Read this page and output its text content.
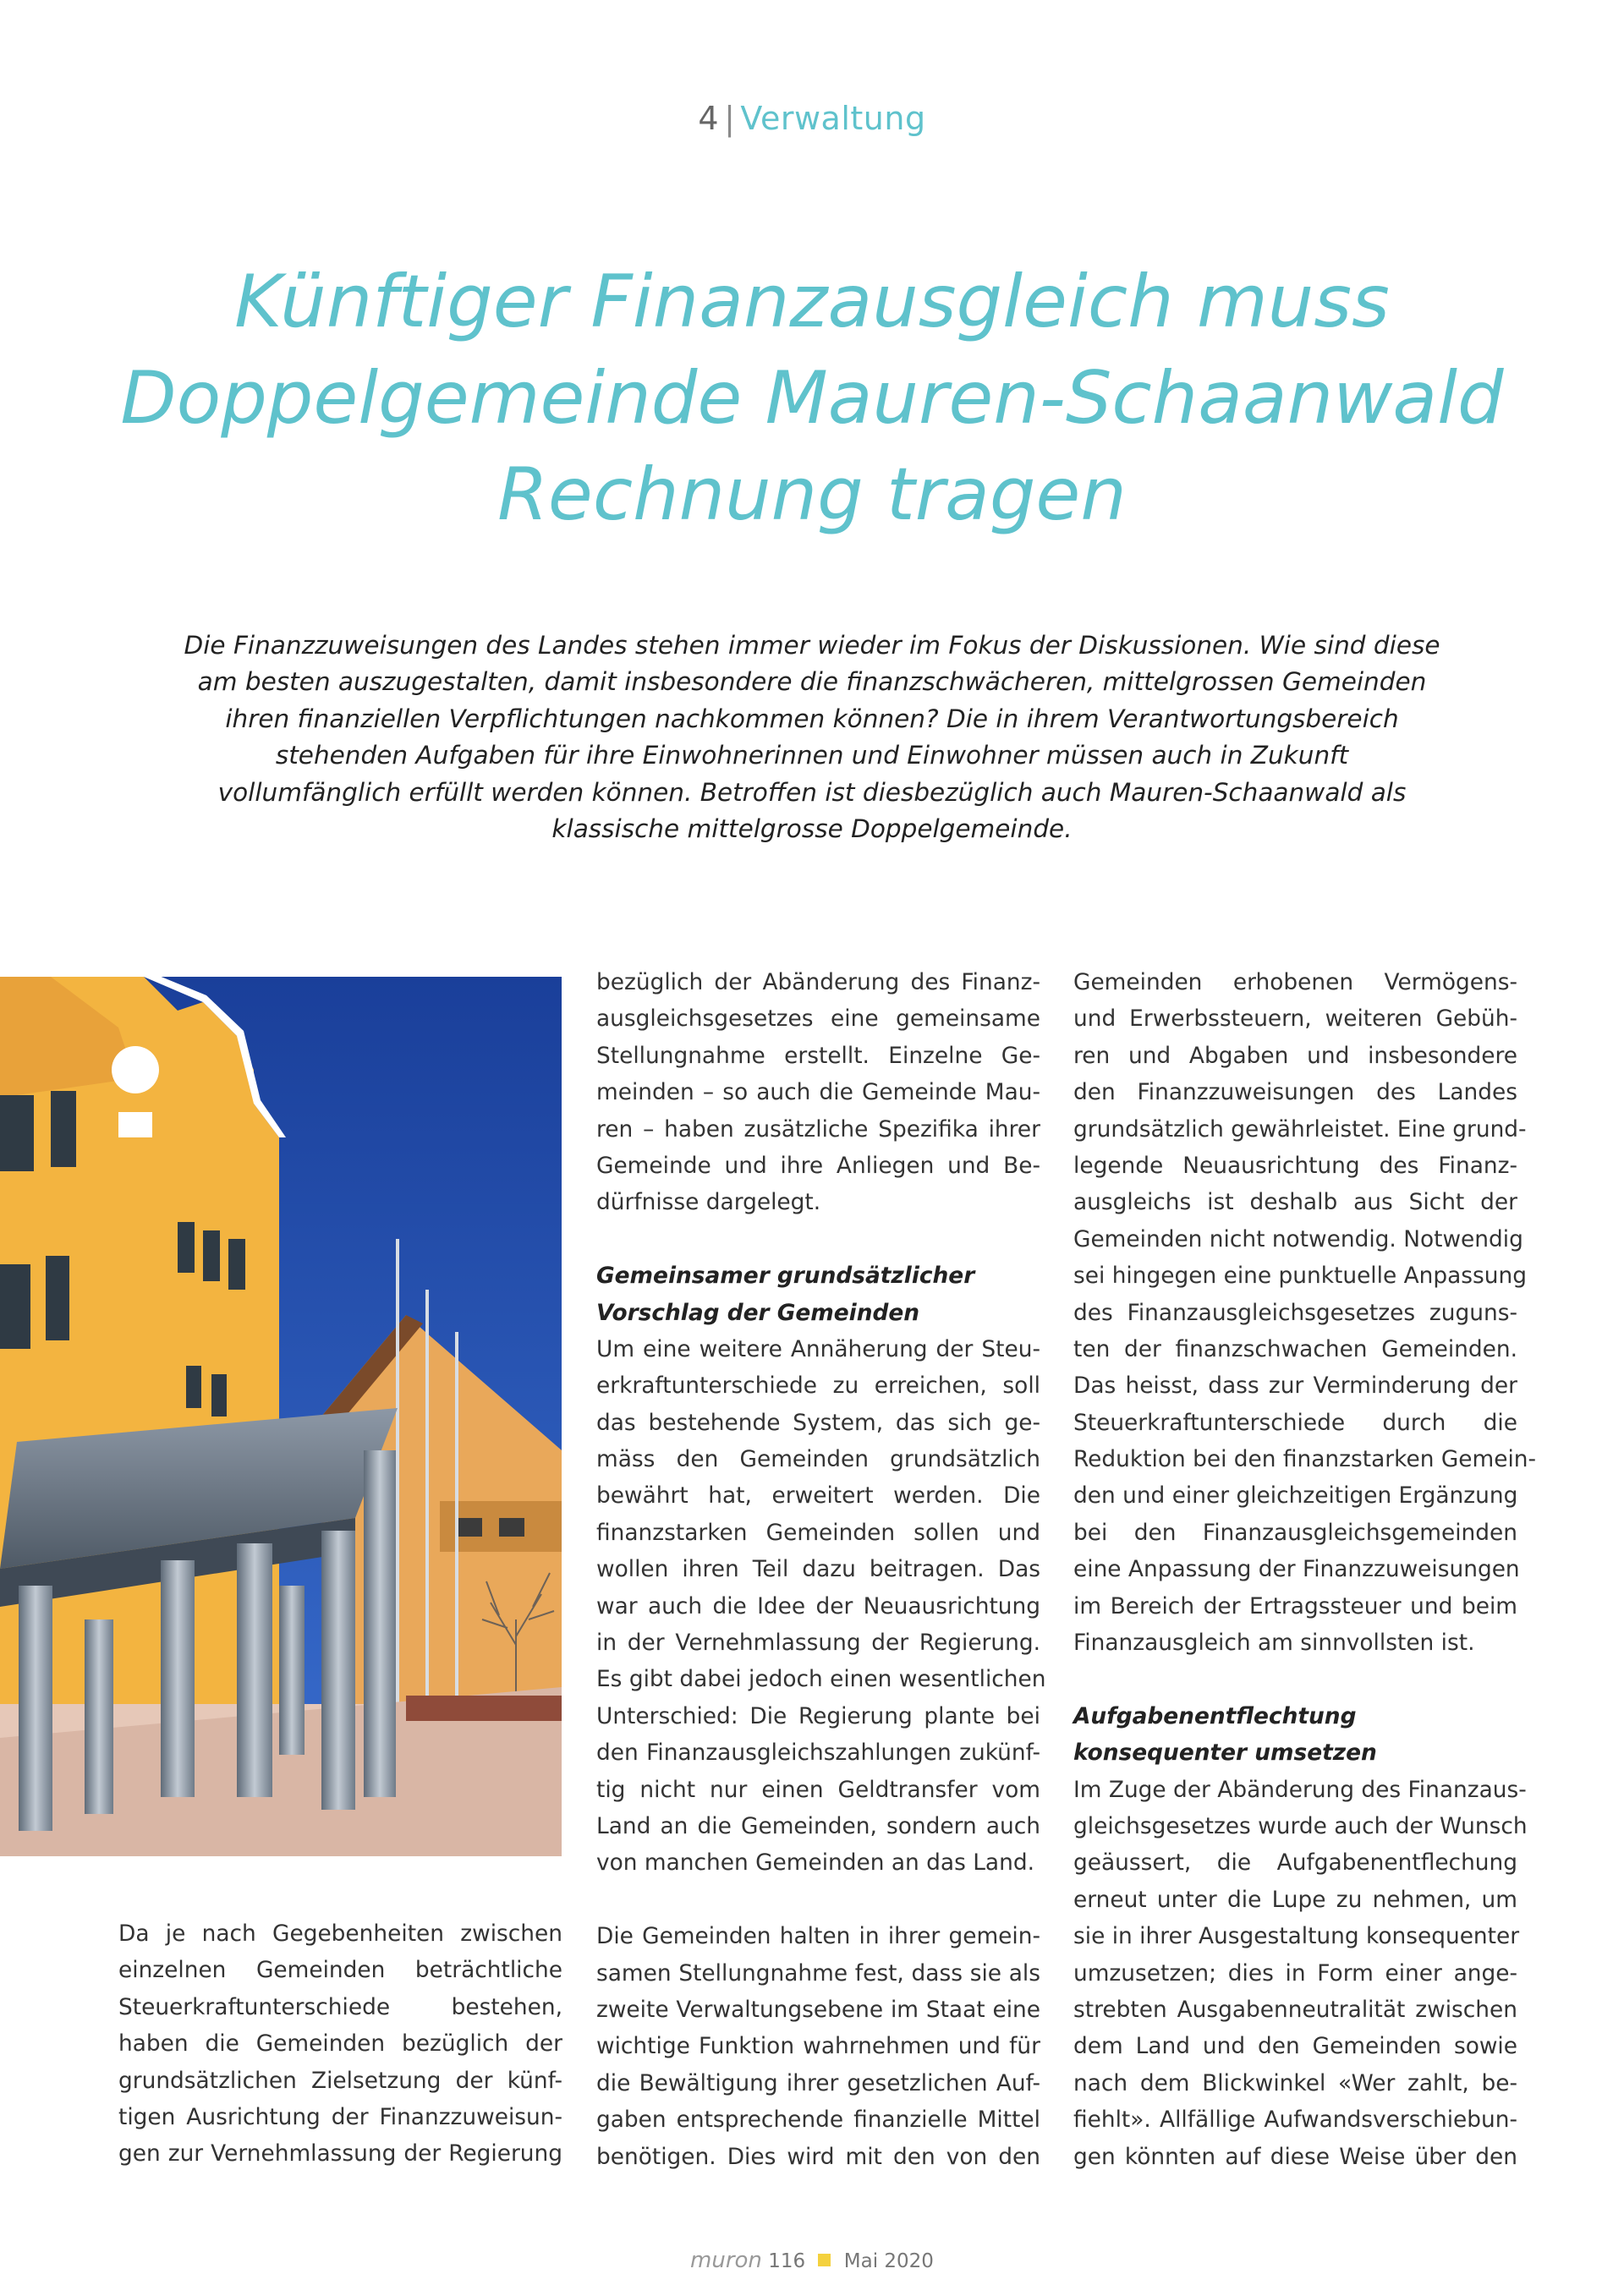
4 | Verwaltung
Künftiger Finanzausgleich muss
Doppelgemeinde Mauren-Schaanwald
Rechnung tragen

Die Finanzzuweisungen des Landes stehen immer wieder im Fokus der Diskussionen. Wie sind diese
am besten auszugestalten, damit insbesondere die finanzschwächeren, mittelgrossen Gemeinden
ihren finanziellen Verpflichtungen nachkommen können? Die in ihrem Verantwortungsbereich
stehenden Aufgaben für ihre Einwohnerinnen und Einwohner müssen auch in Zukunft
vollumfänglich erfüllt werden können. Betroffen ist diesbezüglich auch Mauren-Schaanwald als
klassische mittelgrosse Doppelgemeinde.

Da je nach Gegebenheiten zwischen
einzelnen Gemeinden beträchtliche
Steuerkraftunterschiede bestehen,
haben die Gemeinden bezüglich der
grundsätzlichen Zielsetzung der künf-
tigen Ausrichtung der Finanzzuweisun-
gen zur Vernehmlassung der Regierung
bezüglich der Abänderung des Finanz-
ausgleichsgesetzes eine gemeinsame
Stellungnahme erstellt. Einzelne Ge-
meinden – so auch die Gemeinde Mau-
ren – haben zusätzliche Spezifika ihrer
Gemeinde und ihre Anliegen und Be-
dürfnisse dargelegt.
Gemeinsamer grundsätzlicher
Vorschlag der Gemeinden
Um eine weitere Annäherung der Steu-
erkraftunterschiede zu erreichen, soll
das bestehende System, das sich ge-
mäss den Gemeinden grundsätzlich
bewährt hat, erweitert werden. Die
finanzstarken Gemeinden sollen und
wollen ihren Teil dazu beitragen. Das
war auch die Idee der Neuausrichtung
in der Vernehmlassung der Regierung.
Es gibt dabei jedoch einen wesentlichen
Unterschied: Die Regierung plante bei
den Finanzausgleichszahlungen zukünf-
tig nicht nur einen Geldtransfer vom
Land an die Gemeinden, sondern auch
von manchen Gemeinden an das Land.
Die Gemeinden halten in ihrer gemein-
samen Stellungnahme fest, dass sie als
zweite Verwaltungsebene im Staat eine
wichtige Funktion wahrnehmen und für
die Bewältigung ihrer gesetzlichen Auf-
gaben entsprechende finanzielle Mittel
benötigen. Dies wird mit den von den
Gemeinden erhobenen Vermögens-
und Erwerbssteuern, weiteren Gebüh-
ren und Abgaben und insbesondere
den Finanzzuweisungen des Landes
grundsätzlich gewährleistet. Eine grund-
legende Neuausrichtung des Finanz-
ausgleichs ist deshalb aus Sicht der
Gemeinden nicht notwendig. Notwendig
sei hingegen eine punktuelle Anpassung
des Finanzausgleichsgesetzes zuguns-
ten der finanzschwachen Gemeinden.
Das heisst, dass zur Verminderung der
Steuerkraftunterschiede durch die
Reduktion bei den finanzstarken Gemein-
den und einer gleichzeitigen Ergänzung
bei den Finanzausgleichsgemeinden
eine Anpassung der Finanzzuweisungen
im Bereich der Ertragssteuer und beim
Finanzausgleich am sinnvollsten ist.
Aufgabenentflechtung
konsequenter umsetzen
Im Zuge der Abänderung des Finanzaus-
gleichsgesetzes wurde auch der Wunsch
geäussert, die Aufgabenentflechung
erneut unter die Lupe zu nehmen, um
sie in ihrer Ausgestaltung konsequenter
umzusetzen; dies in Form einer ange-
strebten Ausgabenneutralität zwischen
dem Land und den Gemeinden sowie
nach dem Blickwinkel «Wer zahlt, be-
fiehlt». Allfällige Aufwandsverschiebun-
gen könnten auf diese Weise über den
muron 116 Mai 2020
